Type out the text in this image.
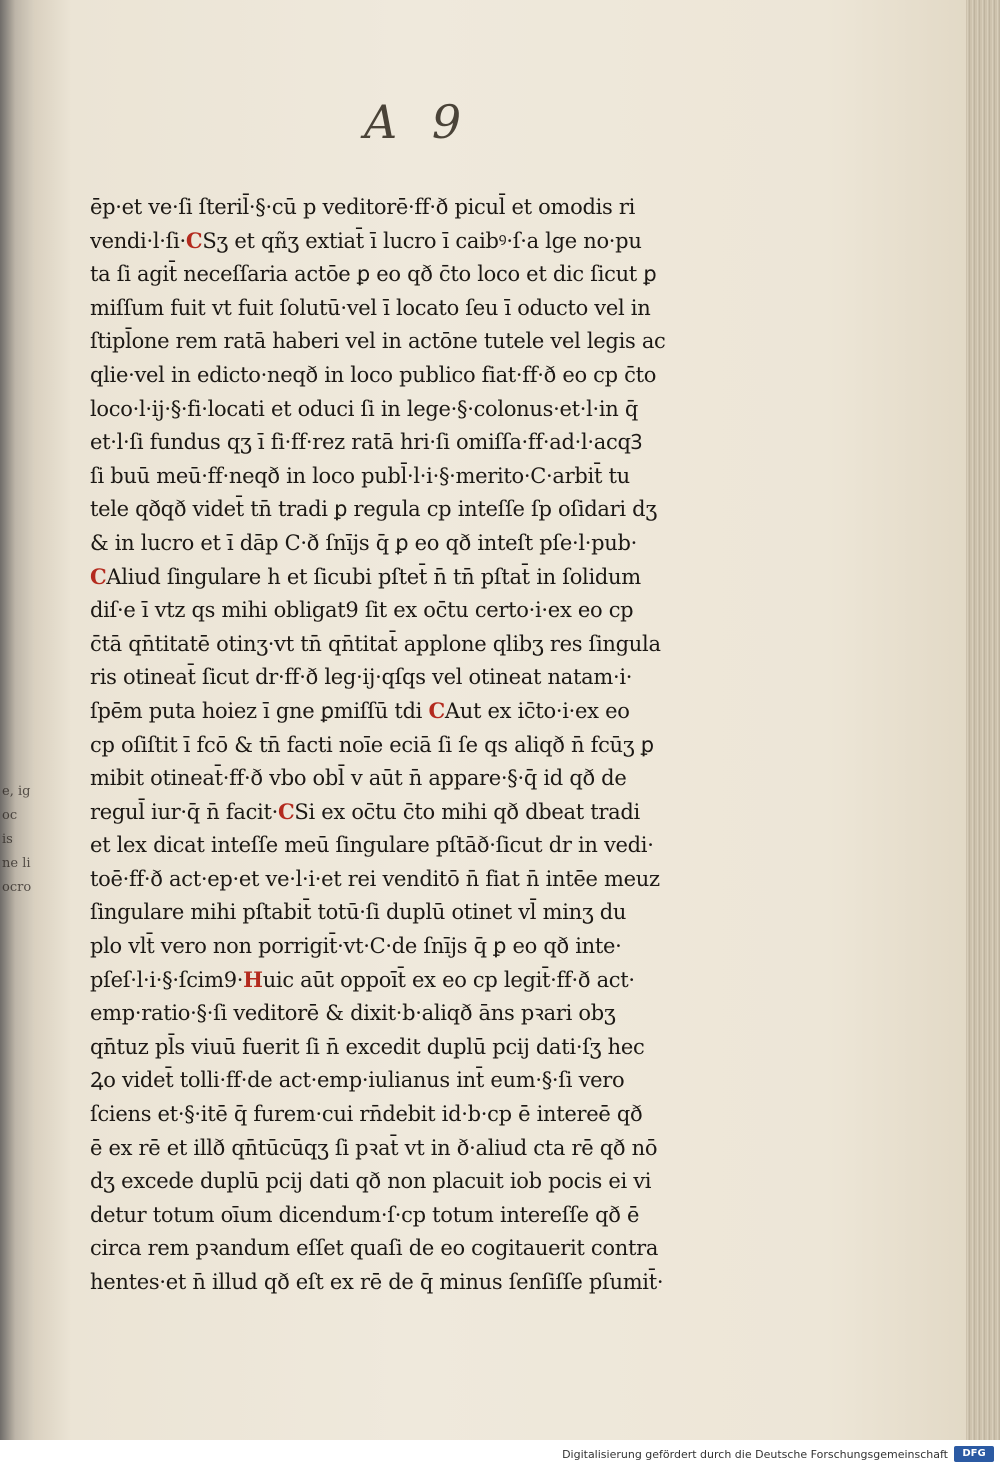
e, ig oc is ne li ocro
A 9
ēp·et ve·ſi ſteril̄·§·cū p veditorē·ff·ð picul̄ et omodis ri
vendi·l·ſi·CSʒ et qñʒ extiat̄ ī lucro ī caibꝰ·ſ·a lge no·pu
ta ſi agit̄ neceſſaria actōe ꝑ eo qð c̄to loco et dic ſicut ꝑ
miſſum fuit vt fuit ſolutū·vel ī locato ſeu ī oducto vel in
ſtipl̄one rem ratā haberi vel in actōne tutele vel legis ac
qlie·vel in edicto·neqð in loco publico fiat·ff·ð eo cp c̄to
loco·l·ij·§·fi·locati et oduci ſi in lege·§·colonus·et·l·in q̄
et·l·ſi fundus qʒ ī fi·ff·rez ratā hri·ſi omiſſa·ff·ad·l·acqꝪ
ſi buū meū·ff·neqð in loco publ̄·l·i·§·merito·C·arbit̄ tu
tele qðqð videt̄ tn̄ tradi ꝑ regula cp inteſſe ſp oſidari dʒ
& in lucro et ī dāp C·ð ſnījs q̄ ꝑ eo qð inteſt pſe·l·pub·
CAliud ſingulare h et ſicubi pſtet̄ n̄ tn̄ pſtat̄ in ſolidum
diſ·e ī vtz qs mihi obligat9 ſit ex oc̄tu certo·i·ex eo cp
c̄tā qn̄titatē otinʒ·vt tn̄ qn̄titat̄ applone qlibʒ res ſingula
ris otineat̄ ſicut dr·ff·ð leg·ij·qſqs vel otineat natam·i·
ſpēm puta hoiez ī gne ꝑmiſſū tdi CAut ex ic̄to·i·ex eo
cp oſiſtit ī fcō & tn̄ facti noīe eciā ſi ſe qs aliqð n̄ fcūʒ ꝑ
mibit otineat̄·ff·ð vbo obl̄ v aūt n̄ appare·§·q̄ id qð de
regul̄ iur·q̄ n̄ facit·CSi ex oc̄tu c̄to mihi qð dbeat tradi
et lex dicat inteſſe meū ſingulare pſtāð·ſicut dr in vedi·
toē·ff·ð act·ep·et ve·l·i·et rei venditō n̄ fiat n̄ intēe meuz
ſingulare mihi pſtabit̄ totū·ſi duplū otinet vl̄ minʒ du
plo vlt̄ vero non porrigit̄·vt·C·de ſnījs q̄ ꝑ eo qð inte·
pſeſ·l·i·§·ſcim9·Huic aūt oppoīt̄ ex eo cp legit̄·ff·ð act·
emp·ratio·§·ſi veditorē & dixit·b·aliqð āns pꝛari obʒ
qn̄tuz pl̄s viuū fuerit ſi n̄ excedit duplū pcij dati·ſʒ hec
Ꝝo videt̄ tolli·ff·de act·emp·iulianus int̄ eum·§·ſi vero
ſciens et·§·itē q̄ furem·cui rn̄debit id·b·cp ē intereē qð
ē ex rē et illð qn̄tūcūqʒ ſi pꝛat̄ vt in ð·aliud cta rē qð nō
dʒ excede duplū pcij dati qð non placuit iob pocis ei vi
detur totum oīum dicendum·ſ·cp totum intereſſe qð ē
circa rem pꝛandum eſſet quaſi de eo cogitauerit contra
hentes·et n̄ illud qð eſt ex rē de q̄ minus ſenſiſſe pſumit̄·
Digitalisierung gefördert durch die Deutsche Forschungsgemeinschaft	DFG
